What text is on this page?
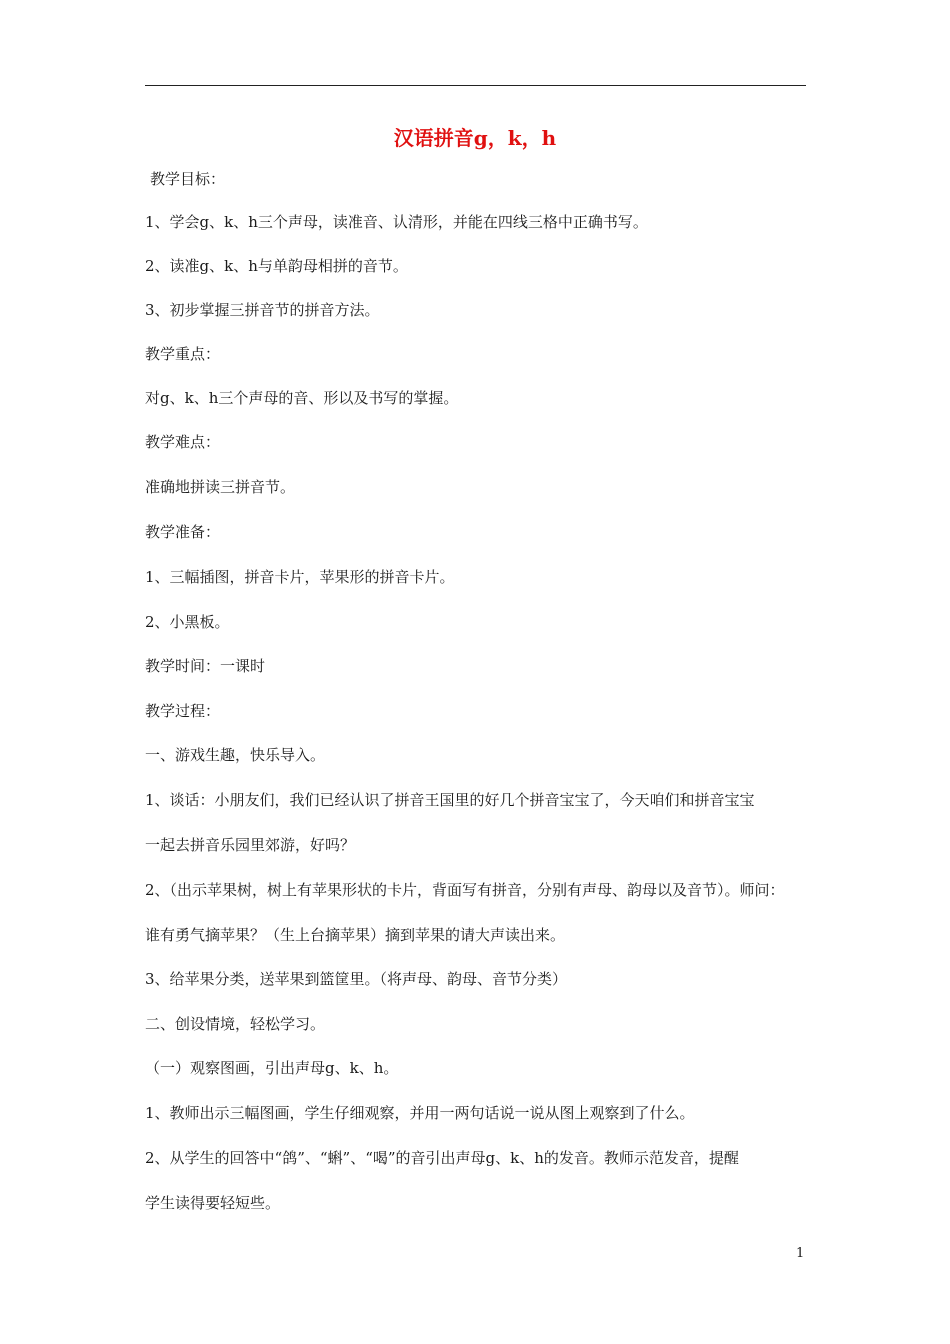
汉语拼音g，k，h
教学目标：
1、学会g、k、h三个声母，读准音、认清形，并能在四线三格中正确书写。
2、读准g、k、h与单韵母相拼的音节。
3、初步掌握三拼音节的拼音方法。
教学重点：
对g、k、h三个声母的音、形以及书写的掌握。
教学难点：
准确地拼读三拼音节。
教学准备：
1、三幅插图，拼音卡片，苹果形的拼音卡片。
2、小黑板。
教学时间：一课时
教学过程：
一、游戏生趣，快乐导入。
1、谈话：小朋友们，我们已经认识了拼音王国里的好几个拼音宝宝了，今天咱们和拼音宝宝
一起去拼音乐园里郊游，好吗？
2、（出示苹果树，树上有苹果形状的卡片，背面写有拼音，分别有声母、韵母以及音节）。师问：
谁有勇气摘苹果？（生上台摘苹果）摘到苹果的请大声读出来。
3、给苹果分类，送苹果到篮筐里。（将声母、韵母、音节分类）
二、创设情境，轻松学习。
（一）观察图画，引出声母g、k、h。
1、教师出示三幅图画，学生仔细观察，并用一两句话说一说从图上观察到了什么。
2、从学生的回答中“鸽”、“蝌”、“喝”的音引出声母g、k、h的发音。教师示范发音，提醒
学生读得要轻短些。
1
